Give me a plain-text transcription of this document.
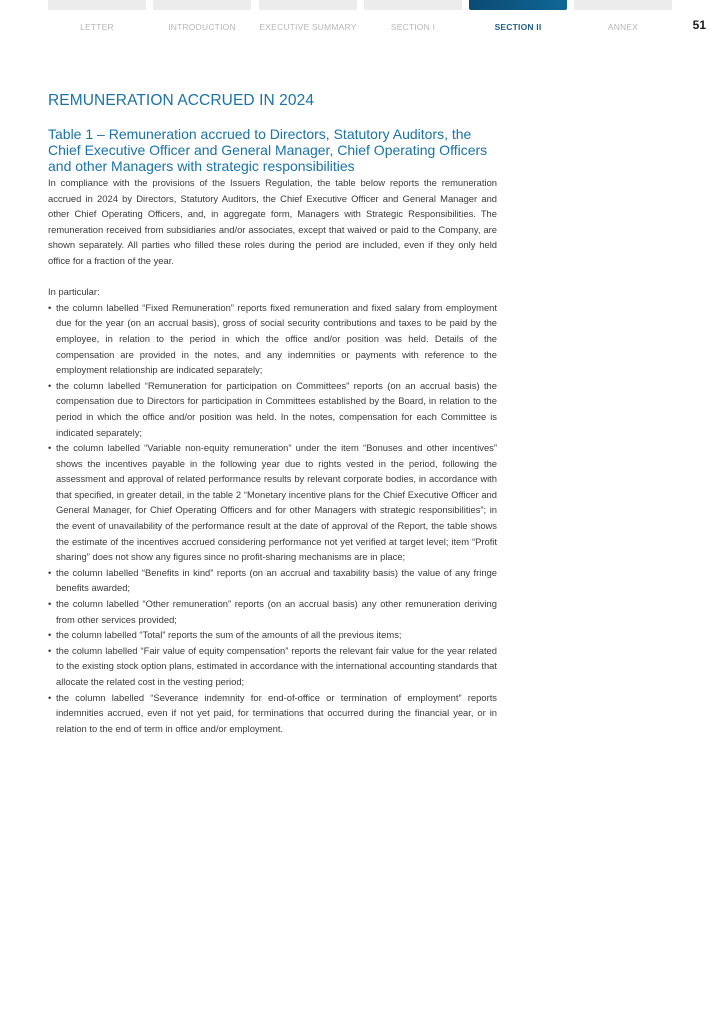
LETTER	INTRODUCTION	EXECUTIVE SUMMARY	SECTION I	SECTION II	ANNEX	51
REMUNERATION ACCRUED IN 2024
Table 1 – Remuneration accrued to Directors, Statutory Auditors, the Chief Executive Officer and General Manager, Chief Operating Officers and other Managers with strategic responsibilities

In compliance with the provisions of the Issuers Regulation, the table below reports the remuneration accrued in 2024 by Directors, Statutory Auditors, the Chief Executive Officer and General Manager and other Chief Operating Officers, and, in aggregate form, Managers with Strategic Responsibilities. The remuneration received from subsidiaries and/or associates, except that waived or paid to the Company, are shown separately. All parties who filled these roles during the period are included, even if they only held office for a fraction of the year.

In particular:

• the column labelled “Fixed Remuneration” reports fixed remuneration and fixed salary from employment due for the year (on an accrual basis), gross of social security contributions and taxes to be paid by the employee, in relation to the period in which the office and/or position was held. Details of the compensation are provided in the notes, and any indemnities or payments with reference to the employment relationship are indicated separately;
• the column labelled “Remuneration for participation on Committees” reports (on an accrual basis) the compensation due to Directors for participation in Committees established by the Board, in relation to the period in which the office and/or position was held. In the notes, compensation for each Committee is indicated separately;
• the column labelled “Variable non-equity remuneration” under the item “Bonuses and other incentives” shows the incentives payable in the following year due to rights vested in the period, following the assessment and approval of related performance results by relevant corporate bodies, in accordance with that specified, in greater detail, in the table 2 “Monetary incentive plans for the Chief Executive Officer and General Manager, for Chief Operating Officers and for other Managers with strategic responsibilities”; in the event of unavailability of the performance result at the date of approval of the Report, the table shows the estimate of the incentives accrued considering performance not yet verified at target level; item “Profit sharing” does not show any figures since no profit-sharing mechanisms are in place;
• the column labelled “Benefits in kind” reports (on an accrual and taxability basis) the value of any fringe benefits awarded;
• the column labelled “Other remuneration” reports (on an accrual basis) any other remuneration deriving from other services provided;
• the column labelled “Total” reports the sum of the amounts of all the previous items;
• the column labelled “Fair value of equity compensation” reports the relevant fair value for the year related to the existing stock option plans, estimated in accordance with the international accounting standards that allocate the related cost in the vesting period;
• the column labelled “Severance indemnity for end-of-office or termination of employment” reports indemnities accrued, even if not yet paid, for terminations that occurred during the financial year, or in relation to the end of term in office and/or employment.
